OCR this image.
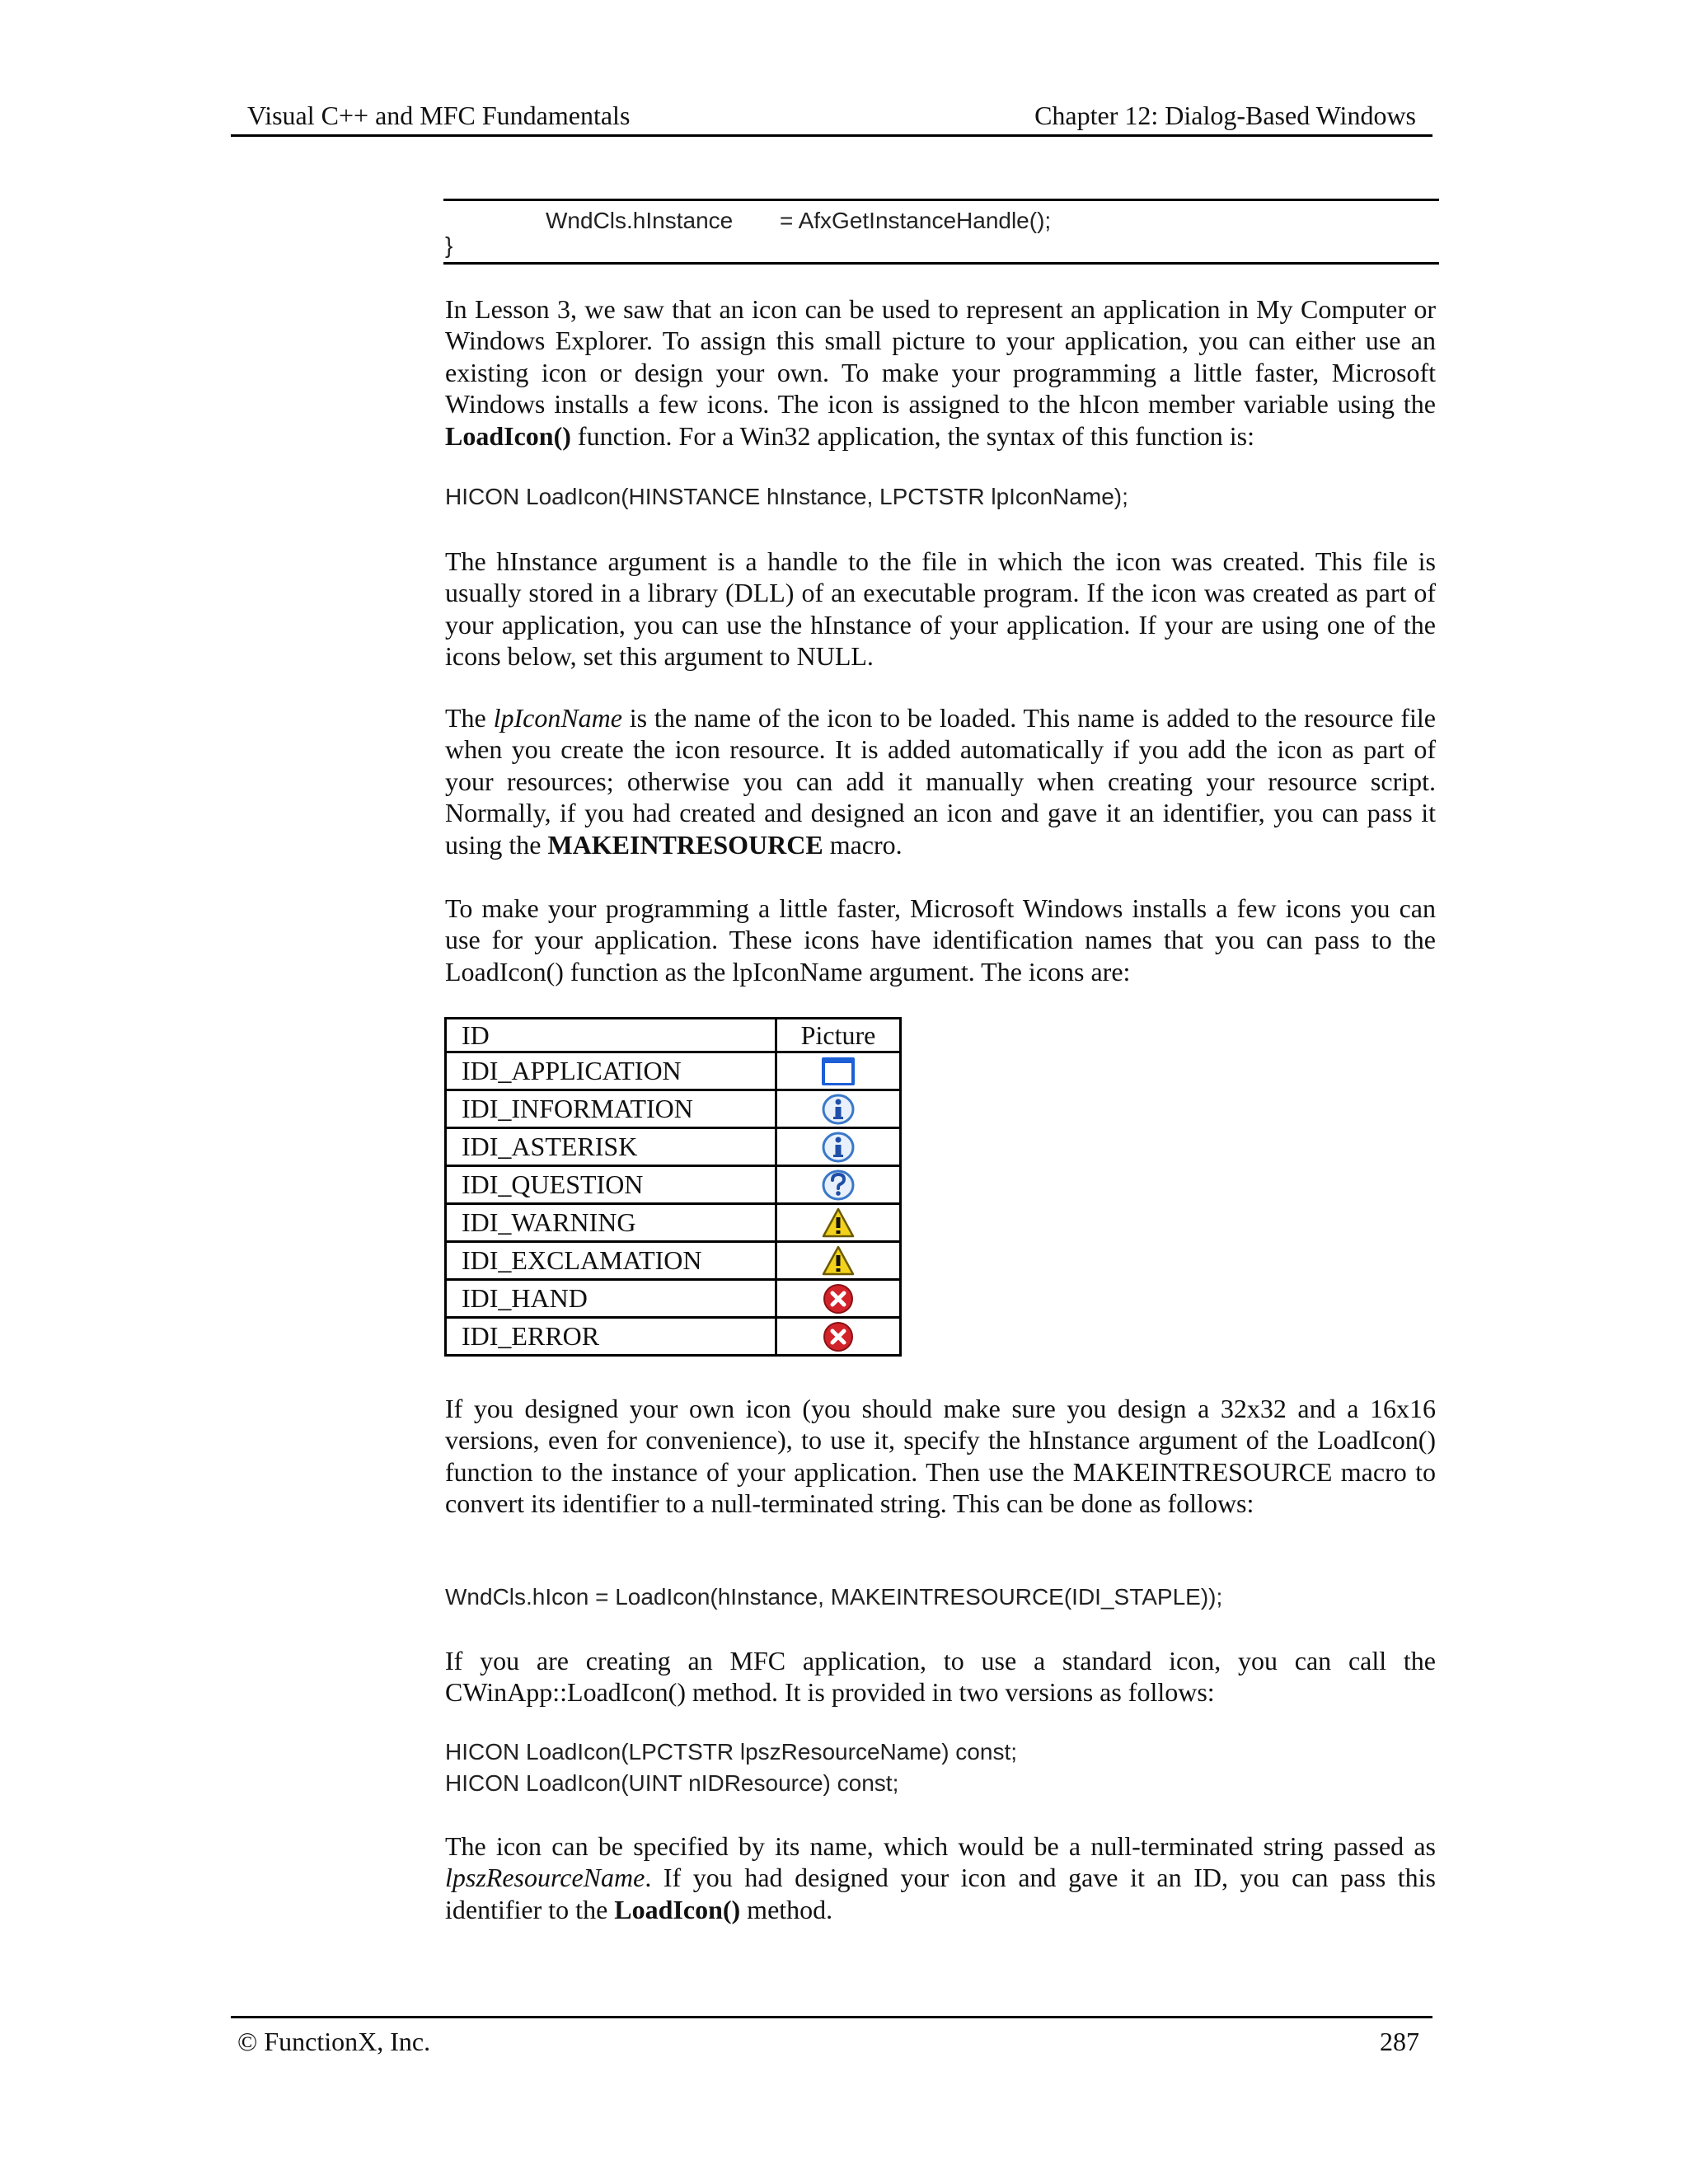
Visual C++ and MFC Fundamentals	Chapter 12: Dialog-Based Windows
WndCls.hInstance = AfxGetInstanceHandle();
}
In Lesson 3, we saw that an icon can be used to represent an application in My Computer or Windows Explorer. To assign this small picture to your application, you can either use an existing icon or design your own. To make your programming a little faster, Microsoft Windows installs a few icons. The icon is assigned to the hIcon member variable using the LoadIcon() function. For a Win32 application, the syntax of this function is:
HICON LoadIcon(HINSTANCE hInstance, LPCTSTR lpIconName);
The hInstance argument is a handle to the file in which the icon was created. This file is usually stored in a library (DLL) of an executable program. If the icon was created as part of your application, you can use the hInstance of your application. If your are using one of the icons below, set this argument to NULL.
The lpIconName is the name of the icon to be loaded. This name is added to the resource file when you create the icon resource. It is added automatically if you add the icon as part of your resources; otherwise you can add it manually when creating your resource script. Normally, if you had created and designed an icon and gave it an identifier, you can pass it using the MAKEINTRESOURCE macro.
To make your programming a little faster, Microsoft Windows installs a few icons you can use for your application. These icons have identification names that you can pass to the LoadIcon() function as the lpIconName argument. The icons are:
ID	Picture
IDI_APPLICATION	

IDI_INFORMATION	

IDI_ASTERISK	

IDI_QUESTION	

IDI_WARNING	

IDI_EXCLAMATION	

IDI_HAND	

IDI_ERROR	
If you designed your own icon (you should make sure you design a 32x32 and a 16x16 versions, even for convenience), to use it, specify the hInstance argument of the LoadIcon() function to the instance of your application. Then use the MAKEINTRESOURCE macro to convert its identifier to a null-terminated string. This can be done as follows:
WndCls.hIcon = LoadIcon(hInstance, MAKEINTRESOURCE(IDI_STAPLE));
If you are creating an MFC application, to use a standard icon, you can call the CWinApp::LoadIcon() method. It is provided in two versions as follows:
HICON LoadIcon(LPCTSTR lpszResourceName) const;
HICON LoadIcon(UINT nIDResource) const;
The icon can be specified by its name, which would be a null-terminated string passed as lpszResourceName. If you had designed your icon and gave it an ID, you can pass this identifier to the LoadIcon() method.
© FunctionX, Inc.	287
